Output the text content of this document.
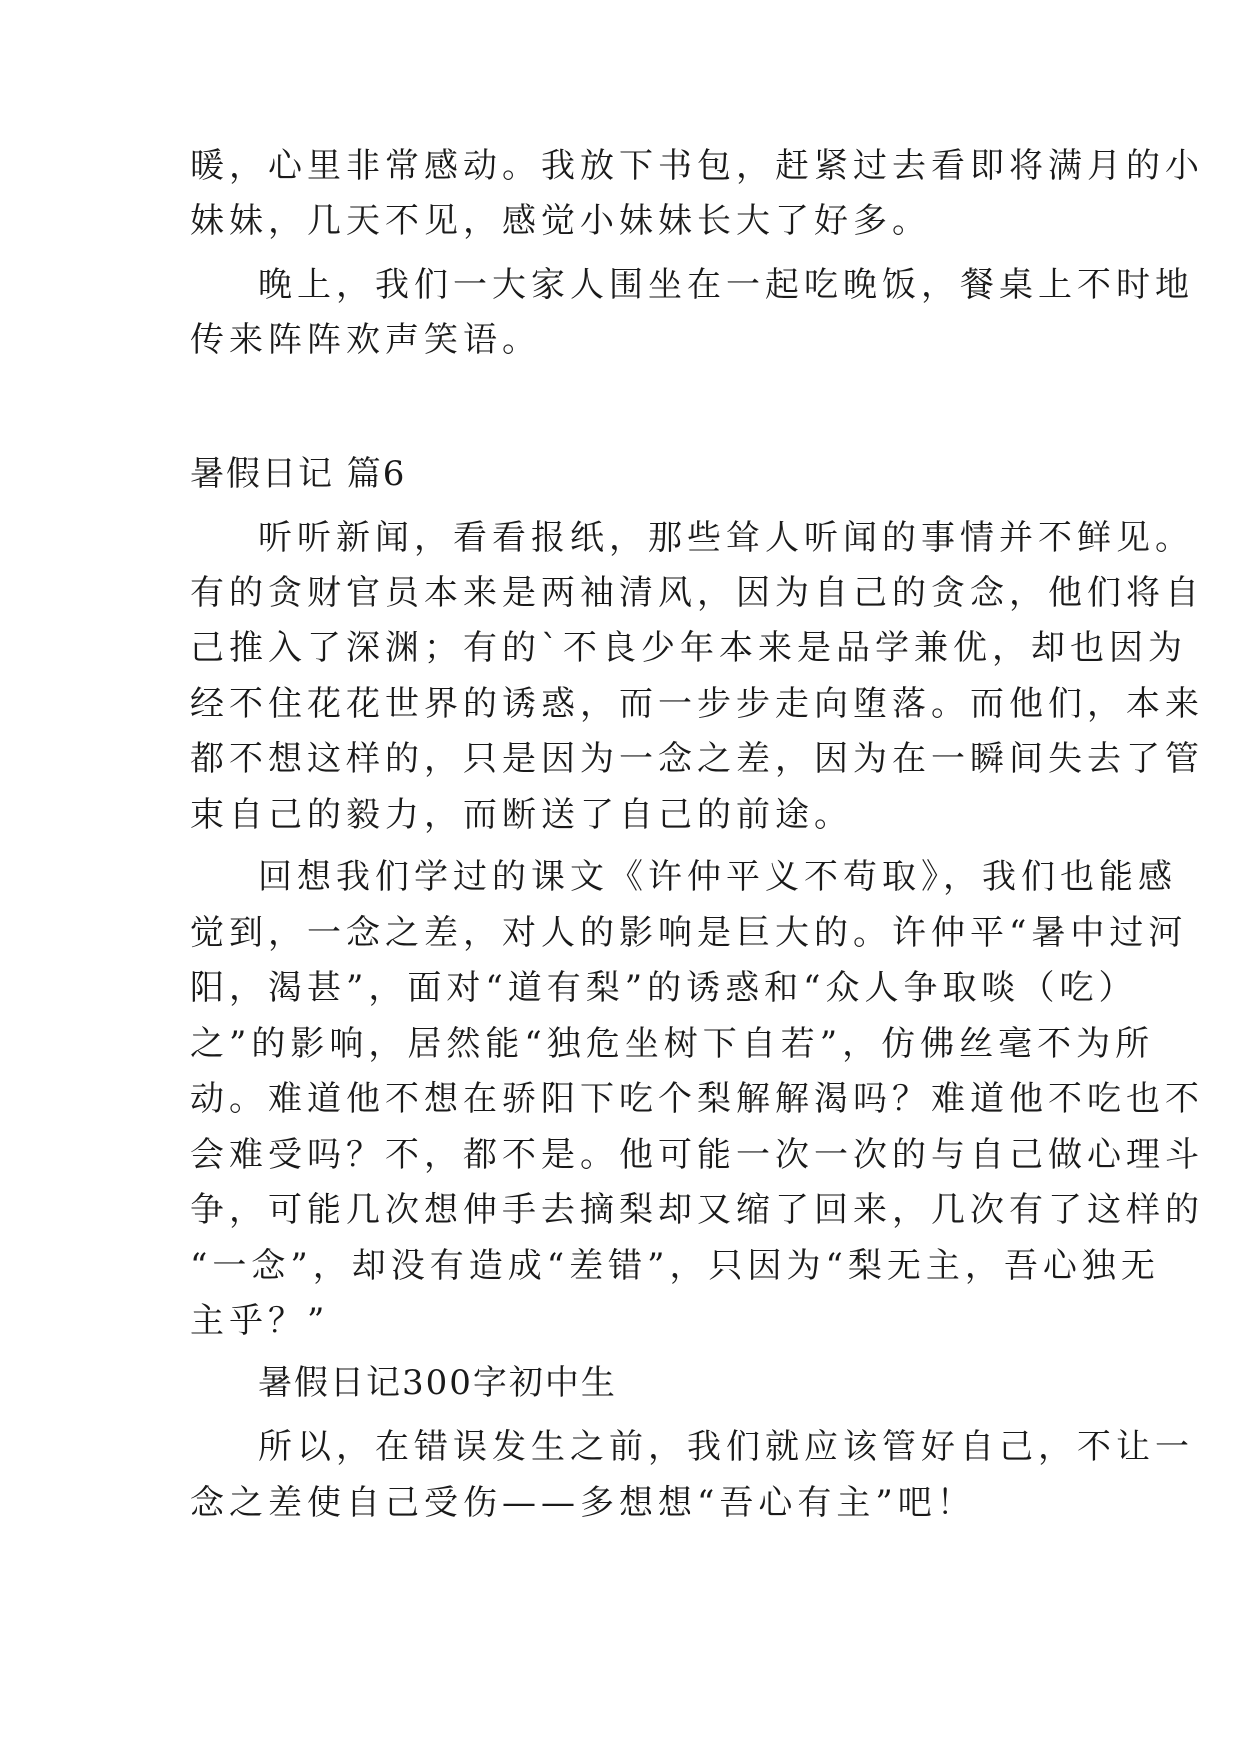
暖，心里非常感动。我放下书包，赶紧过去看即将满月的小
妹妹，几天不见，感觉小妹妹长大了好多。
晚上，我们一大家人围坐在一起吃晚饭，餐桌上不时地
传来阵阵欢声笑语。
暑假日记 篇6
听听新闻，看看报纸，那些耸人听闻的事情并不鲜见。
有的贪财官员本来是两袖清风，因为自己的贪念，他们将自
己推入了深渊；有的`不良少年本来是品学兼优，却也因为
经不住花花世界的诱惑，而一步步走向堕落。而他们，本来
都不想这样的，只是因为一念之差，因为在一瞬间失去了管
束自己的毅力，而断送了自己的前途。
回想我们学过的课文《许仲平义不苟取》，我们也能感
觉到，一念之差，对人的影响是巨大的。许仲平“暑中过河
阳，渴甚”，面对“道有梨”的诱惑和“众人争取啖（吃）
之”的影响，居然能“独危坐树下自若”，仿佛丝毫不为所
动。难道他不想在骄阳下吃个梨解解渴吗？难道他不吃也不
会难受吗？不，都不是。他可能一次一次的与自己做心理斗
争，可能几次想伸手去摘梨却又缩了回来，几次有了这样的
“一念”，却没有造成“差错”，只因为“梨无主，吾心独无
主乎？”
暑假日记300字初中生
所以，在错误发生之前，我们就应该管好自己，不让一
念之差使自己受伤——多想想“吾心有主”吧！
